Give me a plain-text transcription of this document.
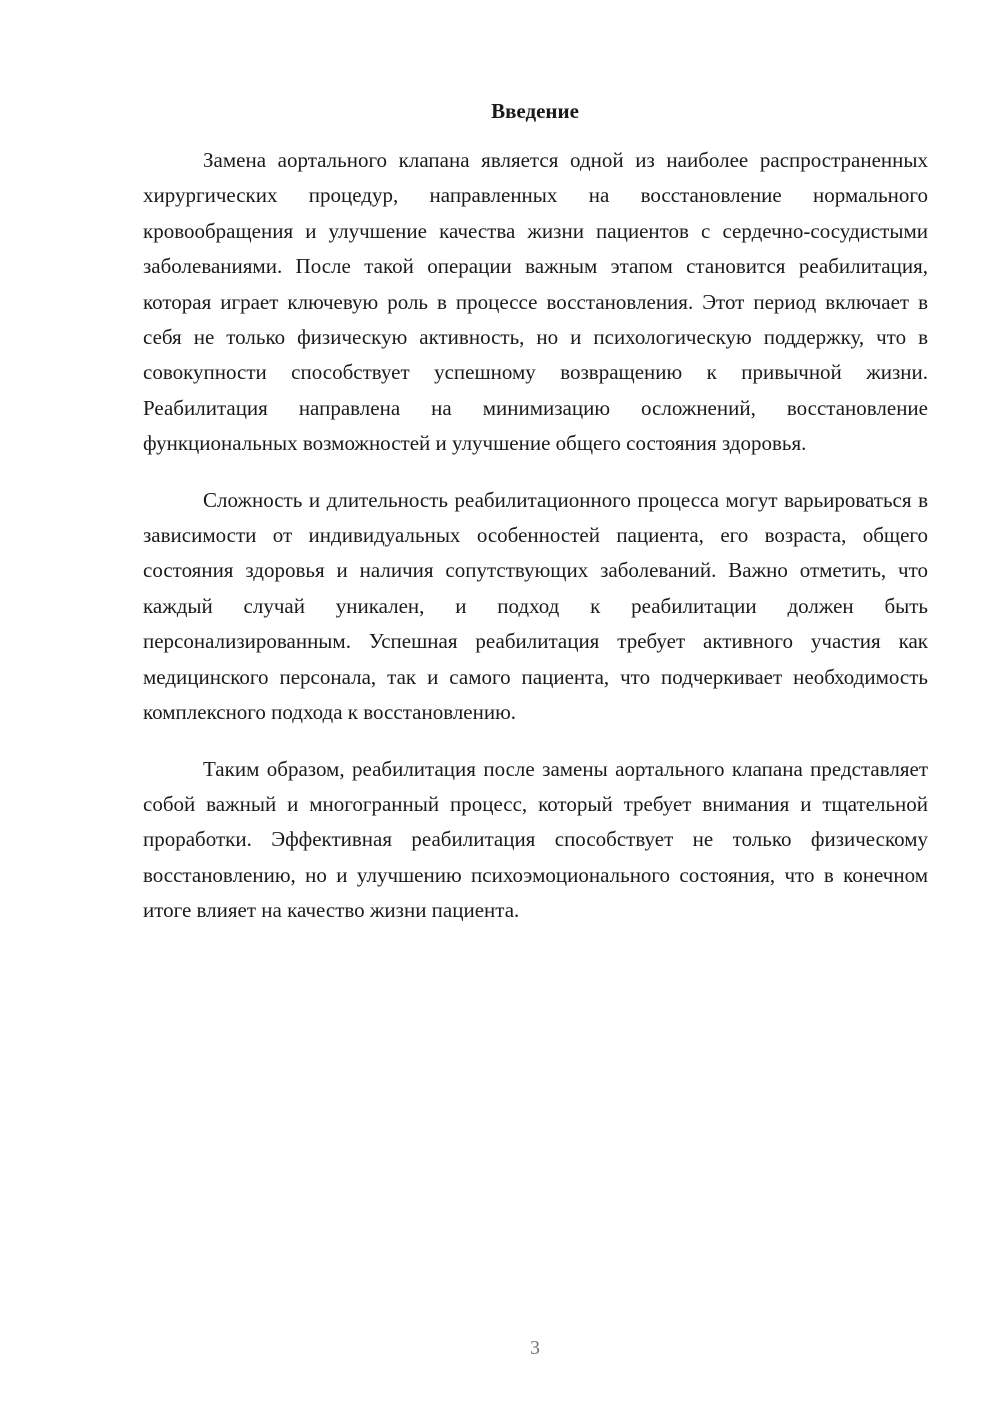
Введение

Замена аортального клапана является одной из наиболее распространенных хирургических процедур, направленных на восстановление нормального кровообращения и улучшение качества жизни пациентов с сердечно-сосудистыми заболеваниями. После такой операции важным этапом становится реабилитация, которая играет ключевую роль в процессе восстановления. Этот период включает в себя не только физическую активность, но и психологическую поддержку, что в совокупности способствует успешному возвращению к привычной жизни. Реабилитация направлена на минимизацию осложнений, восстановление функциональных возможностей и улучшение общего состояния здоровья.

Сложность и длительность реабилитационного процесса могут варьироваться в зависимости от индивидуальных особенностей пациента, его возраста, общего состояния здоровья и наличия сопутствующих заболеваний. Важно отметить, что каждый случай уникален, и подход к реабилитации должен быть персонализированным. Успешная реабилитация требует активного участия как медицинского персонала, так и самого пациента, что подчеркивает необходимость комплексного подхода к восстановлению.

Таким образом, реабилитация после замены аортального клапана представляет собой важный и многогранный процесс, который требует внимания и тщательной проработки. Эффективная реабилитация способствует не только физическому восстановлению, но и улучшению психоэмоционального состояния, что в конечном итоге влияет на качество жизни пациента.

3
